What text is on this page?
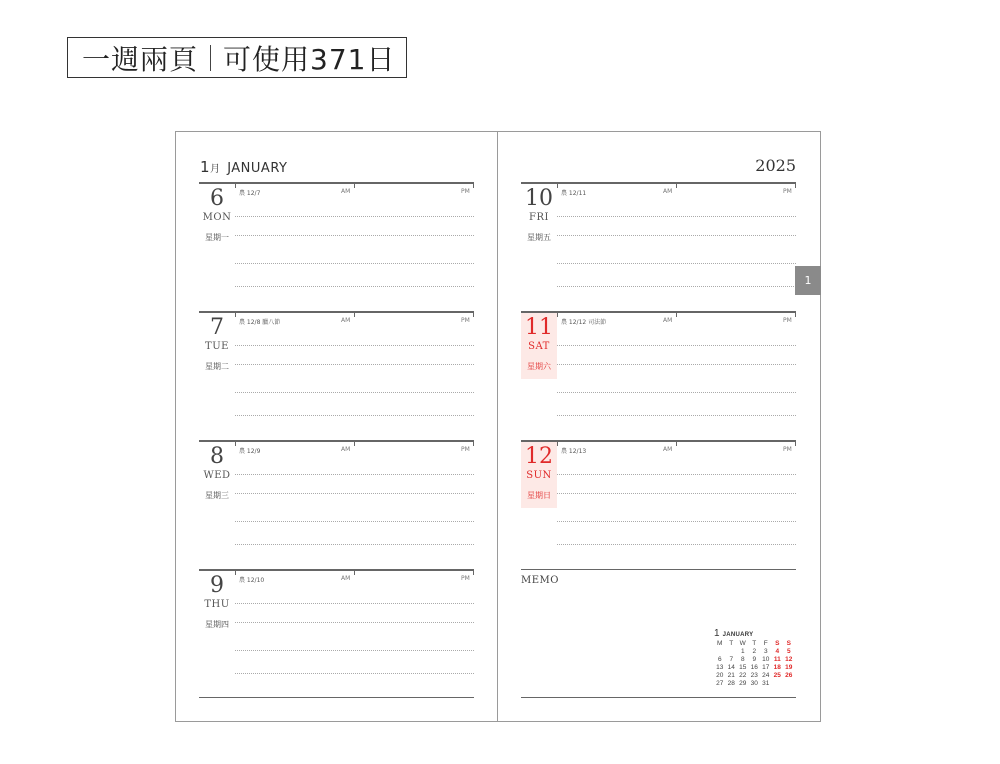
一週兩頁 可使用371日
1月 JANUARY	2025
6
MON
星期一
農 12/7	AM	PM
7
TUE
星期二
農 12/8 臘八節	AM	PM
8
WED
星期三
農 12/9	AM	PM
9
THU
星期四
農 12/10	AM	PM
10
FRI
星期五
農 12/11	AM	PM
11
SAT
星期六
農 12/12 司法節	AM	PM
12
SUN
星期日
農 12/13	AM	PM
MEMO
1
1 JANUARY
M	T	W	T	F	S	S
		1	2	3	4	5
6	7	8	9	10	11	12
13	14	15	16	17	18	19
20	21	22	23	24	25	26
27	28	29	30	31		
